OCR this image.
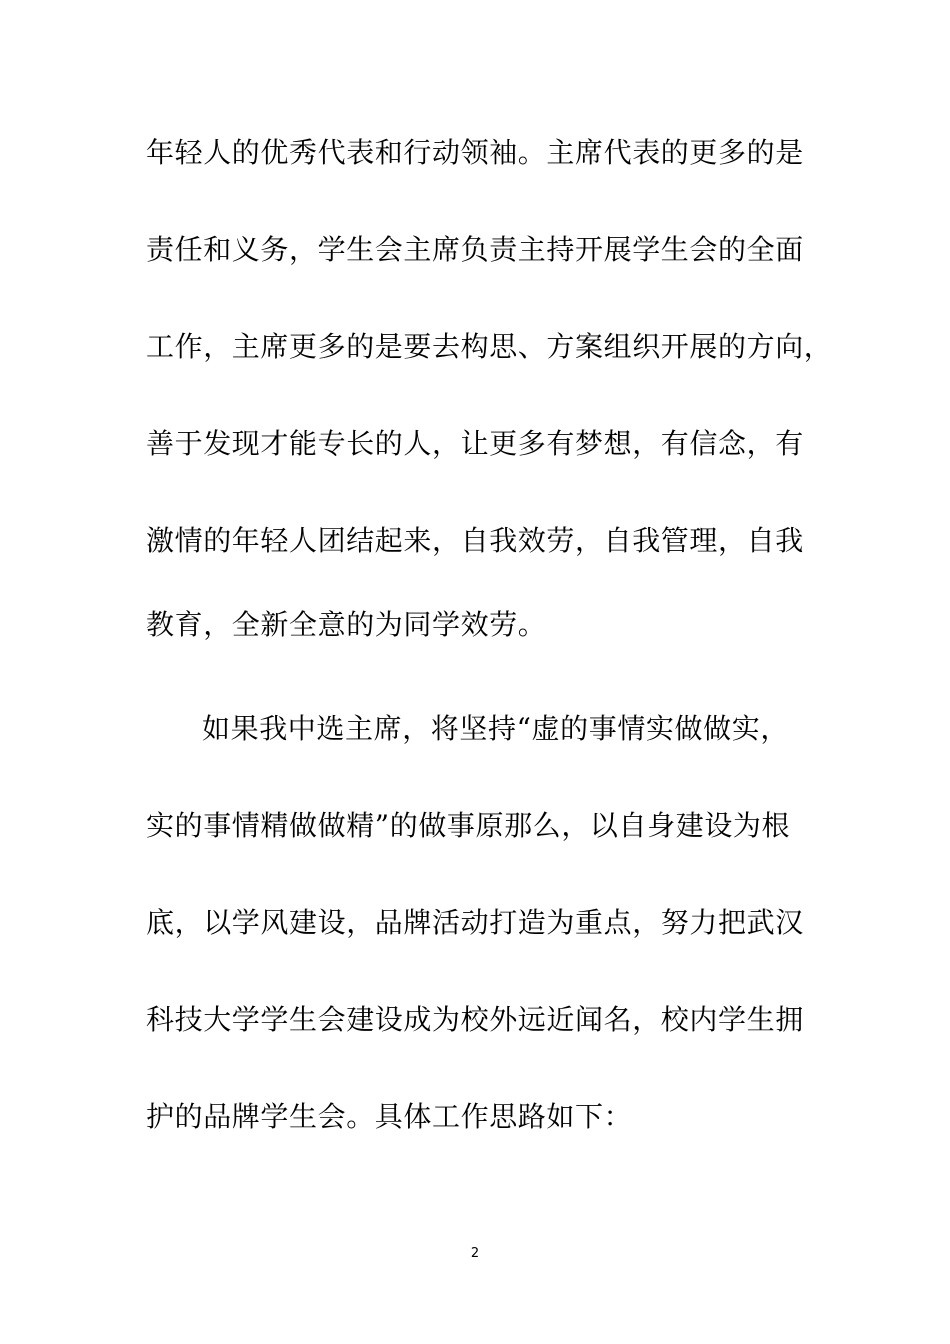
年轻人的优秀代表和行动领袖。主席代表的更多的是
责任和义务，学生会主席负责主持开展学生会的全面
工作，主席更多的是要去构思、方案组织开展的方向，
善于发现才能专长的人，让更多有梦想，有信念，有
激情的年轻人团结起来，自我效劳，自我管理，自我
教育，全新全意的为同学效劳。
如果我中选主席，将坚持“虚的事情实做做实，
实的事情精做做精”的做事原那么，以自身建设为根
底，以学风建设，品牌活动打造为重点，努力把武汉
科技大学学生会建设成为校外远近闻名，校内学生拥
护的品牌学生会。具体工作思路如下：
2
